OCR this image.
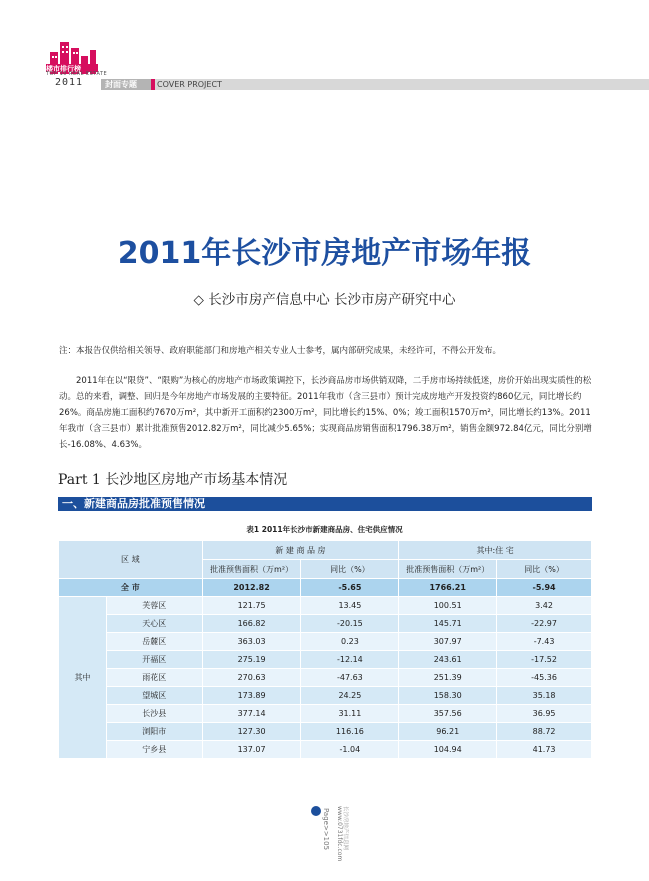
楼市排行榜
TOP 10 REAL ESTATE
2011	封面专题	COVER PROJECT
2011年长沙市房地产市场年报
◇ 长沙市房产信息中心 长沙市房产研究中心
注：本报告仅供给相关领导、政府职能部门和房地产相关专业人士参考，属内部研究成果，未经许可，不得公开发布。

2011年在以“限贷”、“限购”为核心的房地产市场政策调控下，长沙商品房市场供销双降，二手房市场持续低迷，房价开始出现实质性的松动。总的来看，调整、回归是今年房地产市场发展的主要特征。2011年我市（含三县市）预计完成房地产开发投资约860亿元，同比增长约26%。商品房施工面积约7670万m²，其中新开工面积约2300万m²，同比增长约15%、0%；竣工面积1570万m²，同比增长约13%。2011年我市（含三县市）累计批准预售2012.82万m²，同比减少5.65%；实现商品房销售面积1796.38万m²，销售金额972.84亿元，同比分别增长-16.08%、4.63%。

Part 1 长沙地区房地产市场基本情况
一、新建商品房批准预售情况
表1 2011年长沙市新建商品房、住宅供应情况
区 域		新 建 商 品 房		其中:住 宅	
		批准预售面积（万m²）	同比（%）	批准预售面积（万m²）	同比（%）
全 市		2012.82	-5.65	1766.21	-5.94
其中	芙蓉区	121.75	13.45	100.51	3.42
	天心区	166.82	-20.15	145.71	-22.97
	岳麓区	363.03	0.23	307.97	-7.43
	开福区	275.19	-12.14	243.61	-17.52
	雨花区	270.63	-47.63	251.39	-45.36
	望城区	173.89	24.25	158.30	35.18
	长沙县	377.14	31.11	357.56	36.95
	浏阳市	127.30	116.16	96.21	88.72
	宁乡县	137.07	-1.04	104.94	41.73
Page>>105 www.0731fdc.com 长沙房地产信息网
